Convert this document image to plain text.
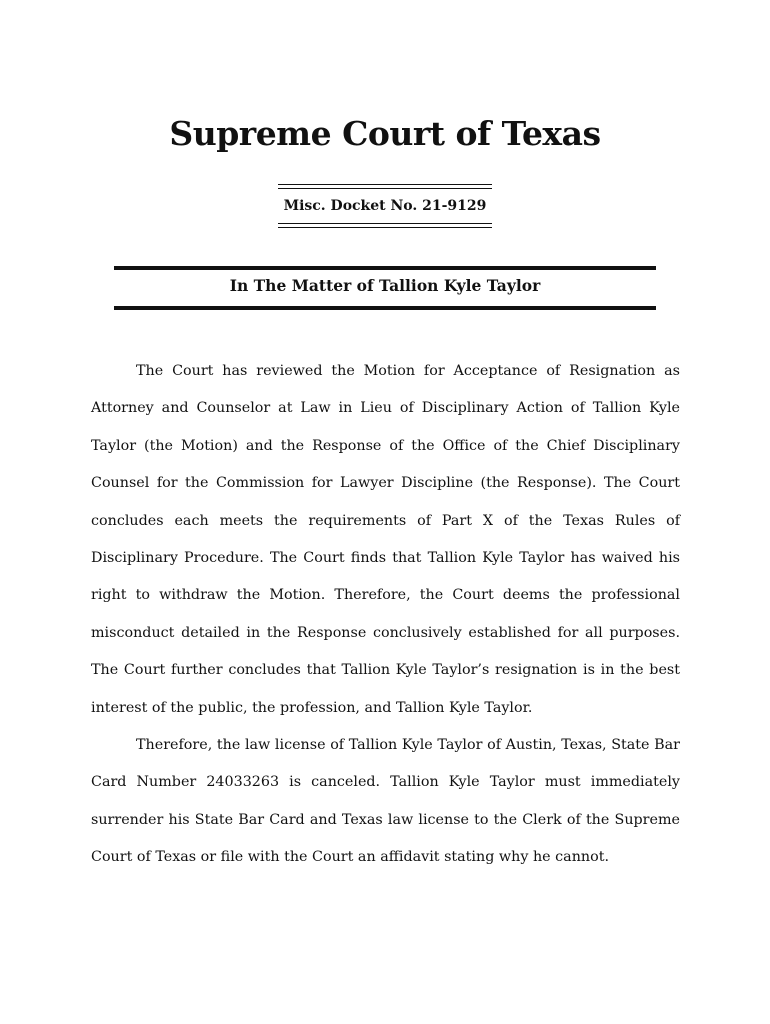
Supreme Court of Texas
Misc. Docket No. 21-9129
In The Matter of Tallion Kyle Taylor

The Court has reviewed the Motion for Acceptance of Resignation as Attorney and Counselor at Law in Lieu of Disciplinary Action of Tallion Kyle Taylor (the Motion) and the Response of the Office of the Chief Disciplinary Counsel for the Commission for Lawyer Discipline (the Response). The Court concludes each meets the requirements of Part X of the Texas Rules of Disciplinary Procedure. The Court finds that Tallion Kyle Taylor has waived his right to withdraw the Motion. Therefore, the Court deems the professional misconduct detailed in the Response conclusively established for all purposes. The Court further concludes that Tallion Kyle Taylor’s resignation is in the best interest of the public, the profession, and Tallion Kyle Taylor.

Therefore, the law license of Tallion Kyle Taylor of Austin, Texas, State Bar Card Number 24033263 is canceled. Tallion Kyle Taylor must immediately surrender his State Bar Card and Texas law license to the Clerk of the Supreme Court of Texas or file with the Court an affidavit stating why he cannot.
